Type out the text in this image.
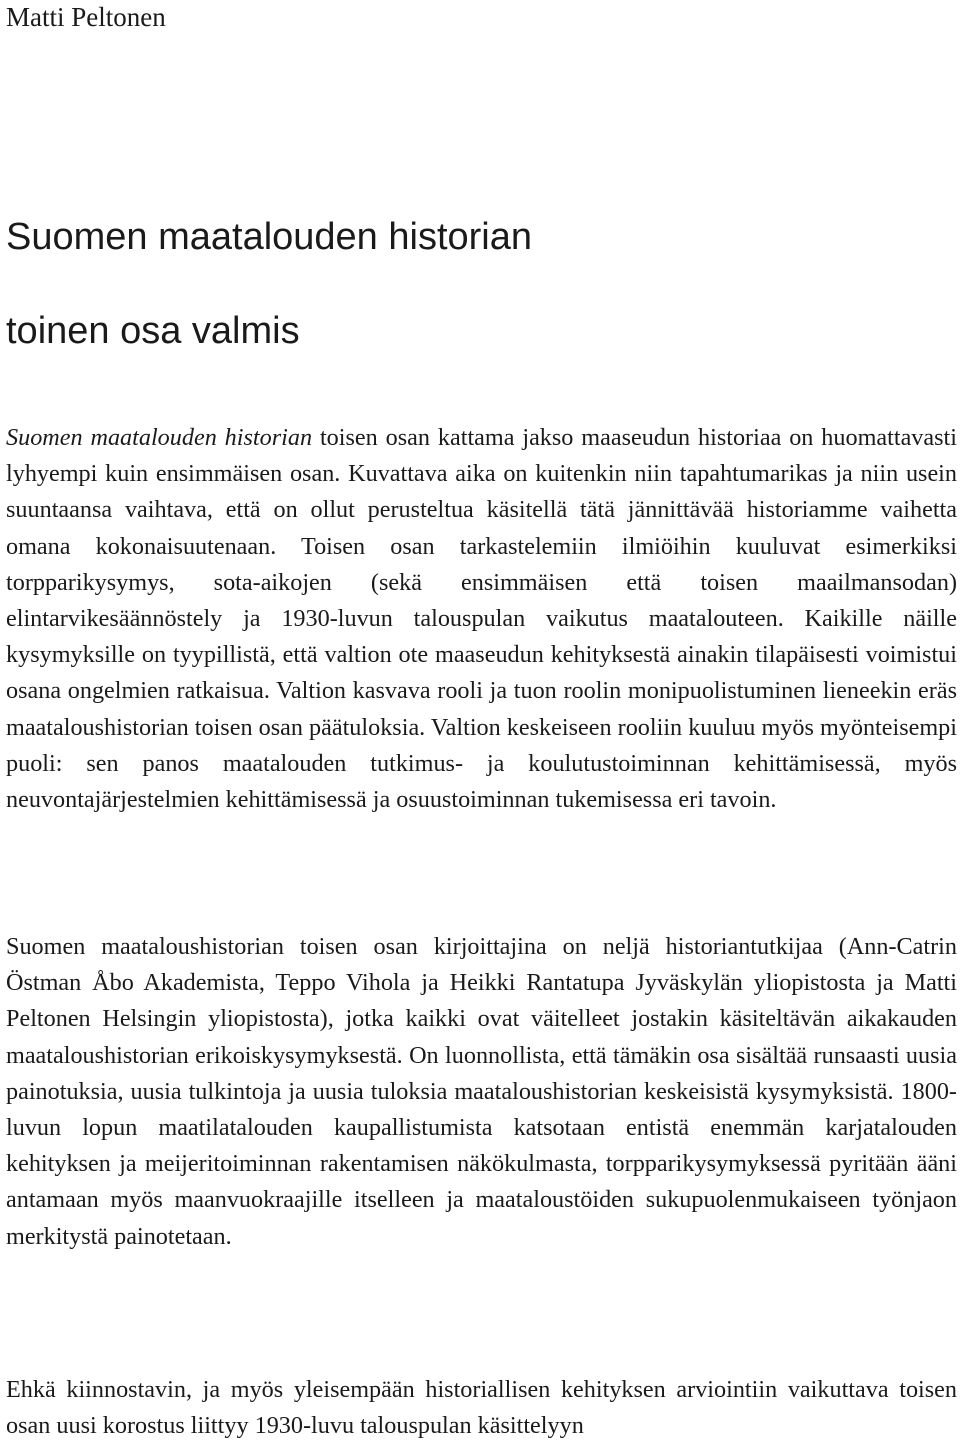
Matti Peltonen

Suomen maatalouden historian
toinen osa valmis

Suomen maatalouden historian toisen osan kattama jakso maaseudun historiaa on huomattavasti lyhyempi kuin ensimmäisen osan. Kuvattava aika on kuitenkin niin tapahtumarikas ja niin usein suuntaansa vaihtava, että on ollut perusteltua käsitellä tätä jännittävää historiamme vaihetta omana kokonaisuutenaan. Toisen osan tarkastelemiin ilmiöihin kuuluvat esimerkiksi torpparikysymys, sota-aikojen (sekä ensimmäisen että toisen maailmansodan) elintarvikesäännöstely ja 1930-luvun talouspulan vaikutus maatalouteen. Kaikille näille kysymyksille on tyypillistä, että valtion ote maaseudun kehityksestä ainakin tilapäisesti voimistui osana ongelmien ratkaisua. Valtion kasvava rooli ja tuon roolin monipuolistuminen lieneekin eräs maataloushistorian toisen osan päätuloksia. Valtion keskeiseen rooliin kuuluu myös myönteisempi puoli: sen panos maatalouden tutkimus- ja koulutustoiminnan kehittämisessä, myös neuvontajärjestelmien kehittämisessä ja osuustoiminnan tukemisessa eri tavoin.

Suomen maataloushistorian toisen osan kirjoittajina on neljä historiantutkijaa (Ann-Catrin Östman Åbo Akademista, Teppo Vihola ja Heikki Rantatupa Jyväskylän yliopistosta ja Matti Peltonen Helsingin yliopistosta), jotka kaikki ovat väitelleet jostakin käsiteltävän aikakauden maataloushistorian erikoiskysymyksestä. On luonnollista, että tämäkin osa sisältää runsaasti uusia painotuksia, uusia tulkintoja ja uusia tuloksia maataloushistorian keskeisistä kysymyksistä. 1800-luvun lopun maatilatalouden kaupallistumista katsotaan entistä enemmän karjatalouden kehityksen ja meijeritoiminnan rakentamisen näkökulmasta, torpparikysymyksessä pyritään ääni antamaan myös maanvuokraajille itselleen ja maataloustöiden sukupuolenmukaiseen työnjaon merkitystä painotetaan.

Ehkä kiinnostavin, ja myös yleisempään historiallisen kehityksen arviointiin vaikuttava toisen osan uusi korostus liittyy 1930-luvu talouspulan käsittelyyn
